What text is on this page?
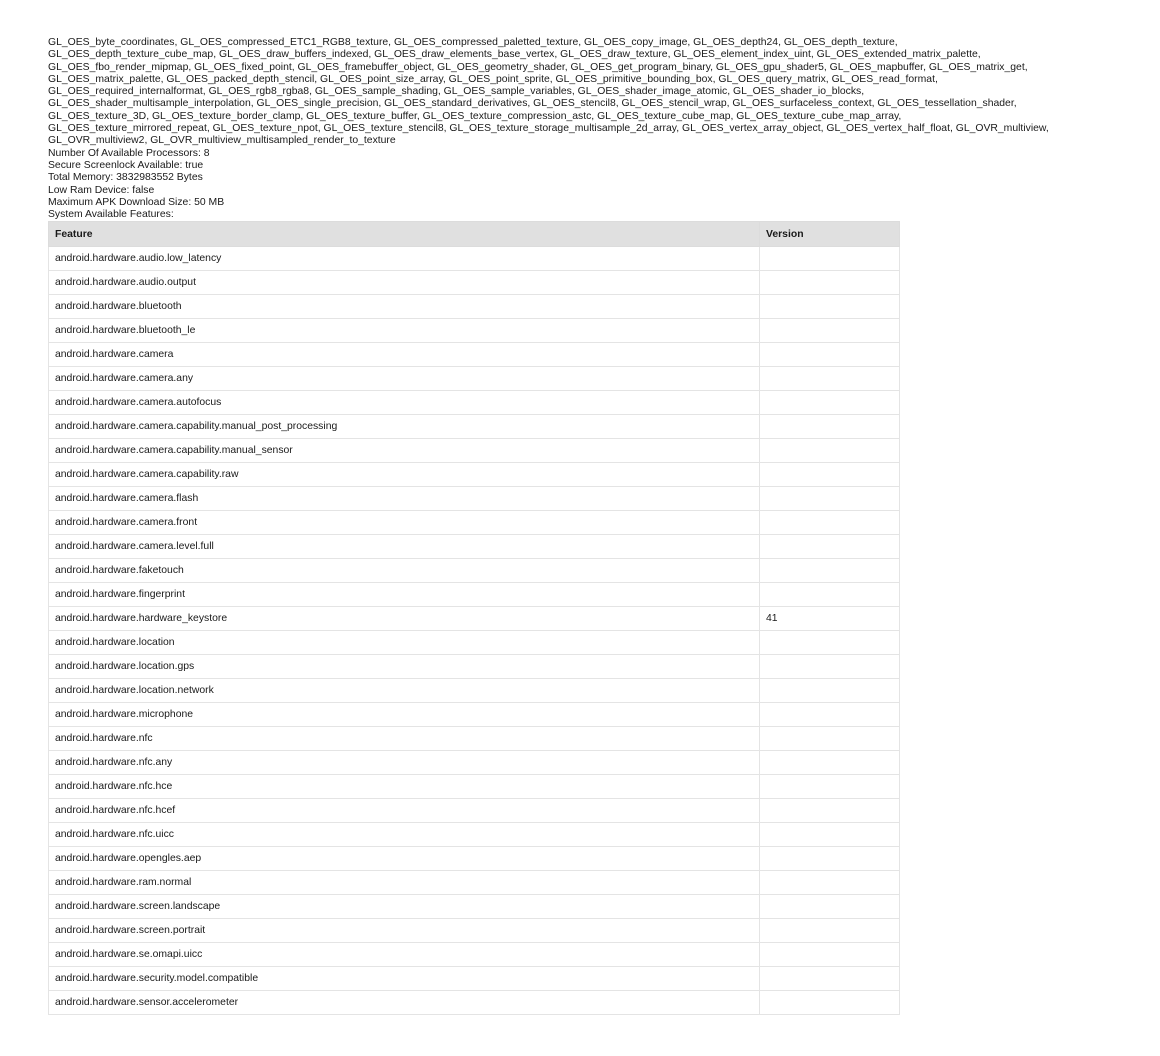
GL_OES_byte_coordinates, GL_OES_compressed_ETC1_RGB8_texture, GL_OES_compressed_paletted_texture, GL_OES_copy_image, GL_OES_depth24, GL_OES_depth_texture,
GL_OES_depth_texture_cube_map, GL_OES_draw_buffers_indexed, GL_OES_draw_elements_base_vertex, GL_OES_draw_texture, GL_OES_element_index_uint, GL_OES_extended_matrix_palette,
GL_OES_fbo_render_mipmap, GL_OES_fixed_point, GL_OES_framebuffer_object, GL_OES_geometry_shader, GL_OES_get_program_binary, GL_OES_gpu_shader5, GL_OES_mapbuffer, GL_OES_matrix_get,
GL_OES_matrix_palette, GL_OES_packed_depth_stencil, GL_OES_point_size_array, GL_OES_point_sprite, GL_OES_primitive_bounding_box, GL_OES_query_matrix, GL_OES_read_format,
GL_OES_required_internalformat, GL_OES_rgb8_rgba8, GL_OES_sample_shading, GL_OES_sample_variables, GL_OES_shader_image_atomic, GL_OES_shader_io_blocks,
GL_OES_shader_multisample_interpolation, GL_OES_single_precision, GL_OES_standard_derivatives, GL_OES_stencil8, GL_OES_stencil_wrap, GL_OES_surfaceless_context, GL_OES_tessellation_shader,
GL_OES_texture_3D, GL_OES_texture_border_clamp, GL_OES_texture_buffer, GL_OES_texture_compression_astc, GL_OES_texture_cube_map, GL_OES_texture_cube_map_array,
GL_OES_texture_mirrored_repeat, GL_OES_texture_npot, GL_OES_texture_stencil8, GL_OES_texture_storage_multisample_2d_array, GL_OES_vertex_array_object, GL_OES_vertex_half_float, GL_OVR_multiview,
GL_OVR_multiview2, GL_OVR_multiview_multisampled_render_to_texture
Number Of Available Processors: 8
Secure Screenlock Available: true
Total Memory: 3832983552 Bytes
Low Ram Device: false
Maximum APK Download Size: 50 MB
System Available Features:
Feature	Version
android.hardware.audio.low_latency	
android.hardware.audio.output	
android.hardware.bluetooth	
android.hardware.bluetooth_le	
android.hardware.camera	
android.hardware.camera.any	
android.hardware.camera.autofocus	
android.hardware.camera.capability.manual_post_processing	
android.hardware.camera.capability.manual_sensor	
android.hardware.camera.capability.raw	
android.hardware.camera.flash	
android.hardware.camera.front	
android.hardware.camera.level.full	
android.hardware.faketouch	
android.hardware.fingerprint	
android.hardware.hardware_keystore	41
android.hardware.location	
android.hardware.location.gps	
android.hardware.location.network	
android.hardware.microphone	
android.hardware.nfc	
android.hardware.nfc.any	
android.hardware.nfc.hce	
android.hardware.nfc.hcef	
android.hardware.nfc.uicc	
android.hardware.opengles.aep	
android.hardware.ram.normal	
android.hardware.screen.landscape	
android.hardware.screen.portrait	
android.hardware.se.omapi.uicc	
android.hardware.security.model.compatible	
android.hardware.sensor.accelerometer	
